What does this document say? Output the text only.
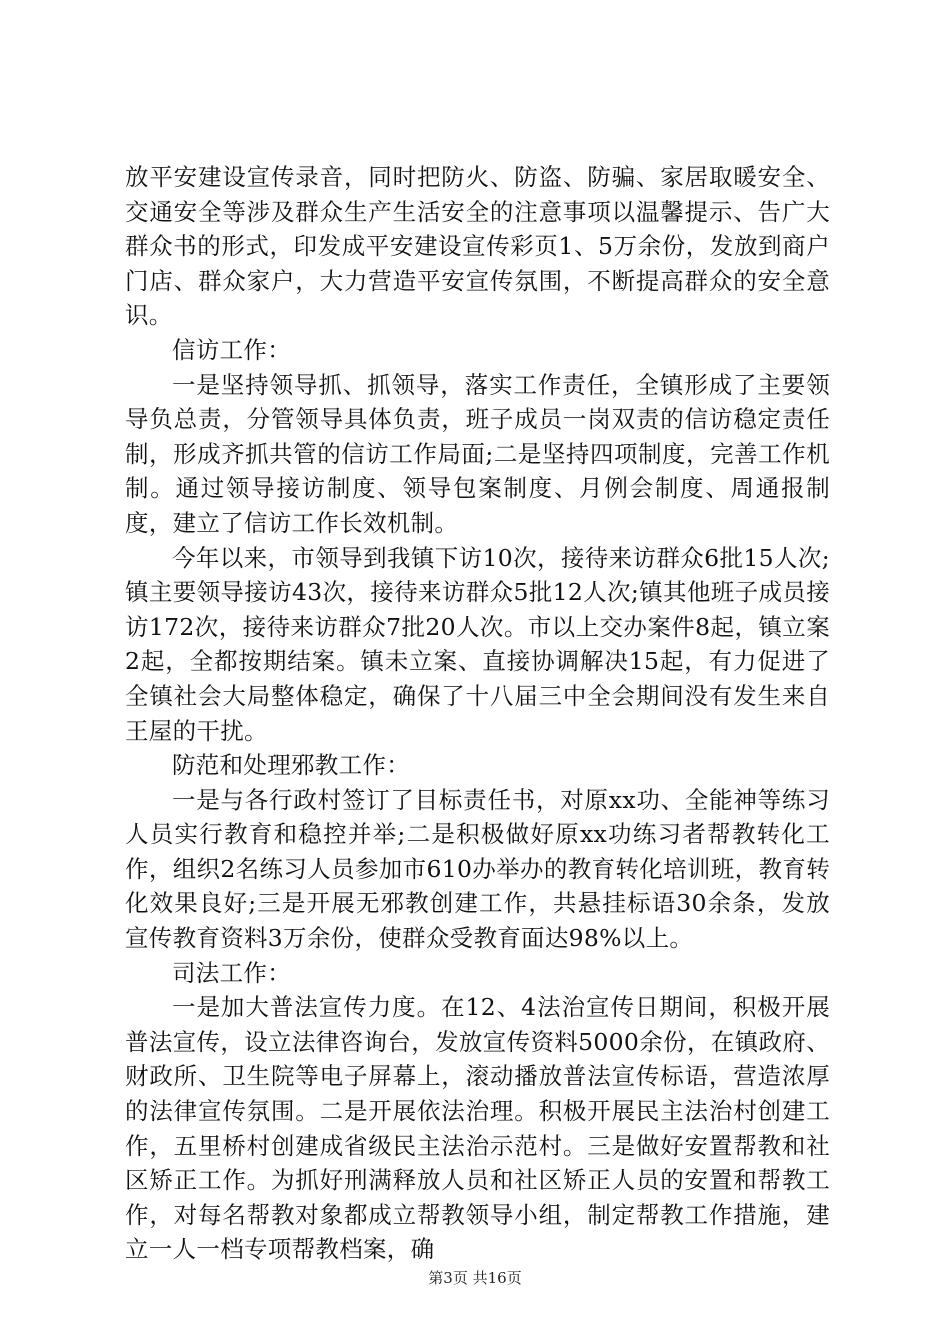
放平安建设宣传录音，同时把防火、防盗、防骗、家居取暖安全、交通安全等涉及群众生产生活安全的注意事项以温馨提示、告广大群众书的形式，印发成平安建设宣传彩页1、5万余份，发放到商户门店、群众家户，大力营造平安宣传氛围，不断提高群众的安全意识。

信访工作：

一是坚持领导抓、抓领导，落实工作责任，全镇形成了主要领导负总责，分管领导具体负责，班子成员一岗双责的信访稳定责任制，形成齐抓共管的信访工作局面;二是坚持四项制度，完善工作机制。通过领导接访制度、领导包案制度、月例会制度、周通报制度，建立了信访工作长效机制。

今年以来，市领导到我镇下访10次，接待来访群众6批15人次;镇主要领导接访43次，接待来访群众5批12人次;镇其他班子成员接访172次，接待来访群众7批20人次。市以上交办案件8起，镇立案2起，全都按期结案。镇未立案、直接协调解决15起，有力促进了全镇社会大局整体稳定，确保了十八届三中全会期间没有发生来自王屋的干扰。

防范和处理邪教工作：

一是与各行政村签订了目标责任书，对原xx功、全能神等练习人员实行教育和稳控并举;二是积极做好原xx功练习者帮教转化工作，组织2名练习人员参加市610办举办的教育转化培训班，教育转化效果良好;三是开展无邪教创建工作，共悬挂标语30余条，发放宣传教育资料3万余份，使群众受教育面达98%以上。

司法工作：

一是加大普法宣传力度。在12、4法治宣传日期间，积极开展普法宣传，设立法律咨询台，发放宣传资料5000余份，在镇政府、财政所、卫生院等电子屏幕上，滚动播放普法宣传标语，营造浓厚的法律宣传氛围。二是开展依法治理。积极开展民主法治村创建工作，五里桥村创建成省级民主法治示范村。三是做好安置帮教和社区矫正工作。为抓好刑满释放人员和社区矫正人员的安置和帮教工作，对每名帮教对象都成立帮教领导小组，制定帮教工作措施，建立一人一档专项帮教档案，确

第3页 共16页
